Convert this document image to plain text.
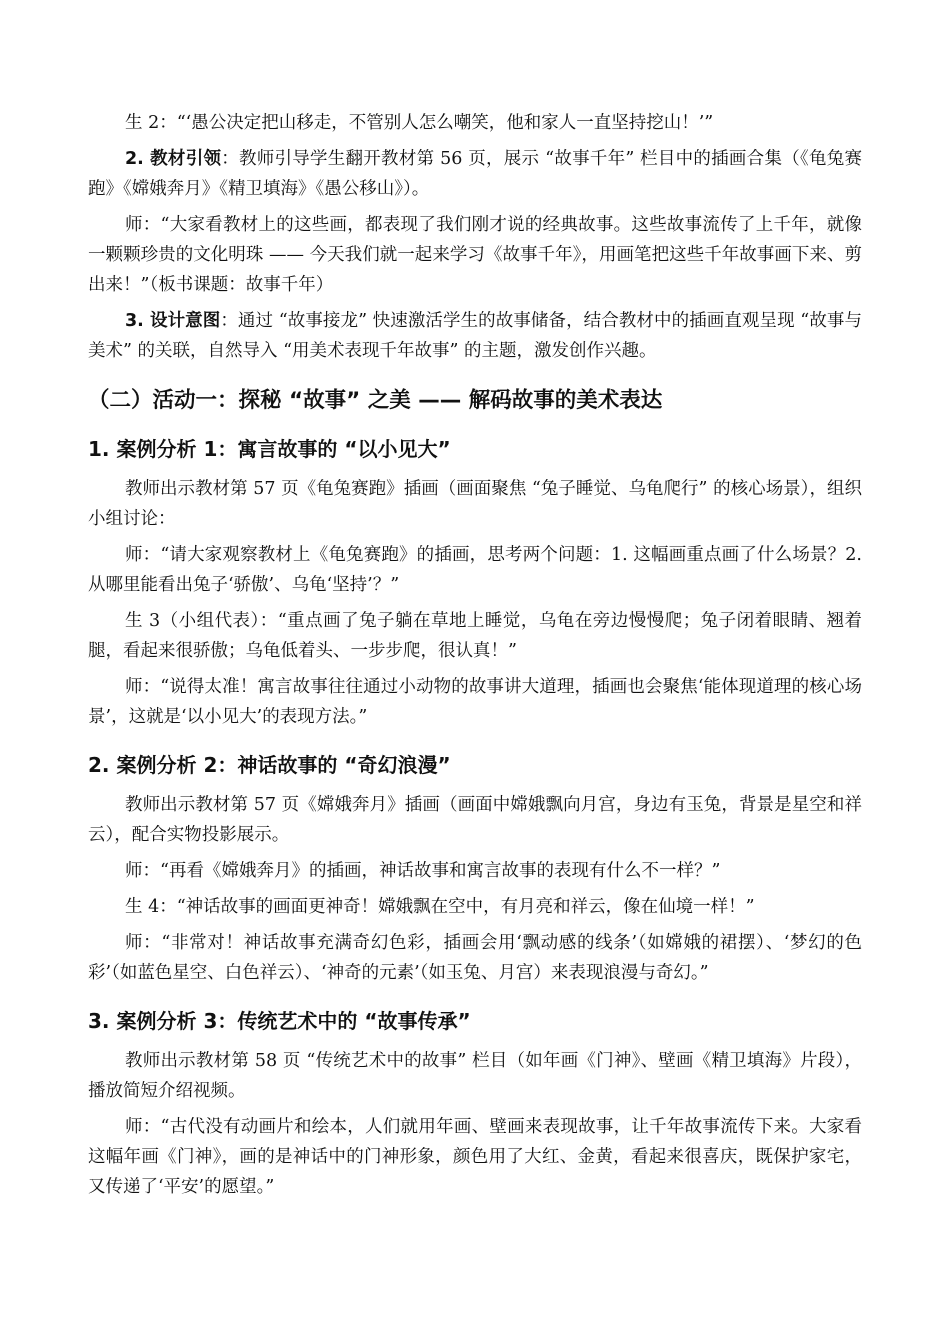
生 2：“‘愚公决定把山移走，不管别人怎么嘲笑，他和家人一直坚持挖山！’”

2. 教材引领：教师引导学生翻开教材第 56 页，展示 “故事千年” 栏目中的插画合集（《龟兔赛跑》《嫦娥奔月》《精卫填海》《愚公移山》）。

师：“大家看教材上的这些画，都表现了我们刚才说的经典故事。这些故事流传了上千年，就像一颗颗珍贵的文化明珠 —— 今天我们就一起来学习《故事千年》，用画笔把这些千年故事画下来、剪出来！”（板书课题：故事千年）

3. 设计意图：通过 “故事接龙” 快速激活学生的故事储备，结合教材中的插画直观呈现 “故事与美术” 的关联，自然导入 “用美术表现千年故事” 的主题，激发创作兴趣。

（二）活动一：探秘 “故事” 之美 —— 解码故事的美术表达
1. 案例分析 1：寓言故事的 “以小见大”

教师出示教材第 57 页《龟兔赛跑》插画（画面聚焦 “兔子睡觉、乌龟爬行” 的核心场景），组织小组讨论：

师：“请大家观察教材上《龟兔赛跑》的插画，思考两个问题：1. 这幅画重点画了什么场景？2. 从哪里能看出兔子‘骄傲’、乌龟‘坚持’？”

生 3（小组代表）：“重点画了兔子躺在草地上睡觉，乌龟在旁边慢慢爬；兔子闭着眼睛、翘着腿，看起来很骄傲；乌龟低着头、一步步爬，很认真！”

师：“说得太准！寓言故事往往通过小动物的故事讲大道理，插画也会聚焦‘能体现道理的核心场景’，这就是‘以小见大’的表现方法。”

2. 案例分析 2：神话故事的 “奇幻浪漫”

教师出示教材第 57 页《嫦娥奔月》插画（画面中嫦娥飘向月宫，身边有玉兔，背景是星空和祥云），配合实物投影展示。

师：“再看《嫦娥奔月》的插画，神话故事和寓言故事的表现有什么不一样？”

生 4：“神话故事的画面更神奇！嫦娥飘在空中，有月亮和祥云，像在仙境一样！”

师：“非常对！神话故事充满奇幻色彩，插画会用‘飘动感的线条’（如嫦娥的裙摆）、‘梦幻的色彩’（如蓝色星空、白色祥云）、‘神奇的元素’（如玉兔、月宫）来表现浪漫与奇幻。”

3. 案例分析 3：传统艺术中的 “故事传承”

教师出示教材第 58 页 “传统艺术中的故事” 栏目（如年画《门神》、壁画《精卫填海》片段），播放简短介绍视频。

师：“古代没有动画片和绘本，人们就用年画、壁画来表现故事，让千年故事流传下来。大家看这幅年画《门神》，画的是神话中的门神形象，颜色用了大红、金黄，看起来很喜庆，既保护家宅，又传递了‘平安’的愿望。”
